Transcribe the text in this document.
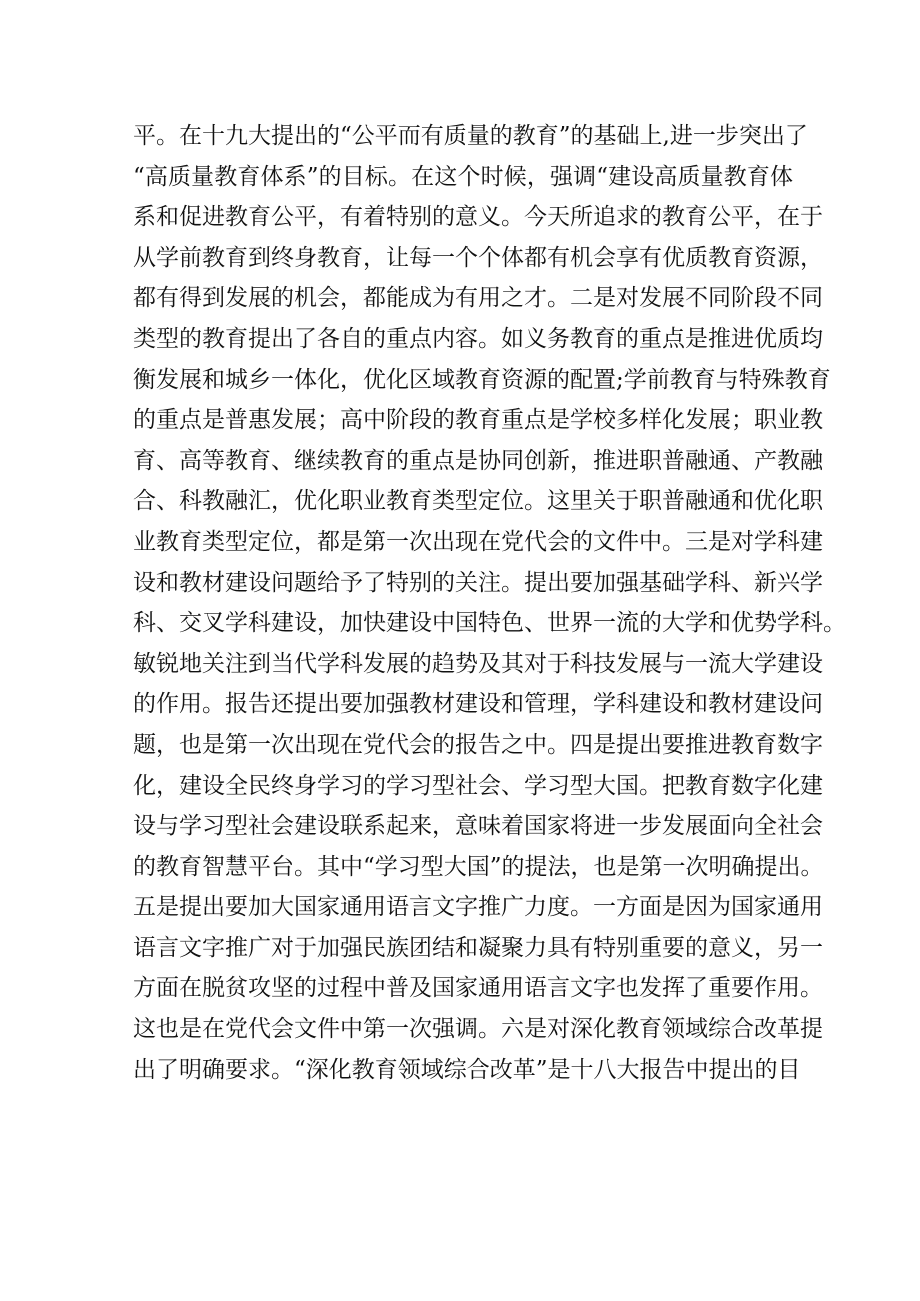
平。在十九大提出的“公平而有质量的教育”的基础上,进一步突出了
“高质量教育体系”的目标。在这个时候，强调“建设高质量教育体
系和促进教育公平，有着特别的意义。今天所追求的教育公平，在于
从学前教育到终身教育，让每一个个体都有机会享有优质教育资源，
都有得到发展的机会，都能成为有用之才。二是对发展不同阶段不同
类型的教育提出了各自的重点内容。如义务教育的重点是推进优质均
衡发展和城乡一体化，优化区域教育资源的配置;学前教育与特殊教育
的重点是普惠发展；高中阶段的教育重点是学校多样化发展；职业教
育、高等教育、继续教育的重点是协同创新，推进职普融通、产教融
合、科教融汇，优化职业教育类型定位。这里关于职普融通和优化职
业教育类型定位，都是第一次出现在党代会的文件中。三是对学科建
设和教材建设问题给予了特别的关注。提出要加强基础学科、新兴学
科、交叉学科建设，加快建设中国特色、世界一流的大学和优势学科。
敏锐地关注到当代学科发展的趋势及其对于科技发展与一流大学建设
的作用。报告还提出要加强教材建设和管理，学科建设和教材建设问
题，也是第一次出现在党代会的报告之中。四是提出要推进教育数字
化，建设全民终身学习的学习型社会、学习型大国。把教育数字化建
设与学习型社会建设联系起来，意味着国家将进一步发展面向全社会
的教育智慧平台。其中“学习型大国”的提法，也是第一次明确提出。
五是提出要加大国家通用语言文字推广力度。一方面是因为国家通用
语言文字推广对于加强民族团结和凝聚力具有特别重要的意义，另一
方面在脱贫攻坚的过程中普及国家通用语言文字也发挥了重要作用。
这也是在党代会文件中第一次强调。六是对深化教育领域综合改革提
出了明确要求。“深化教育领域综合改革”是十八大报告中提出的目
